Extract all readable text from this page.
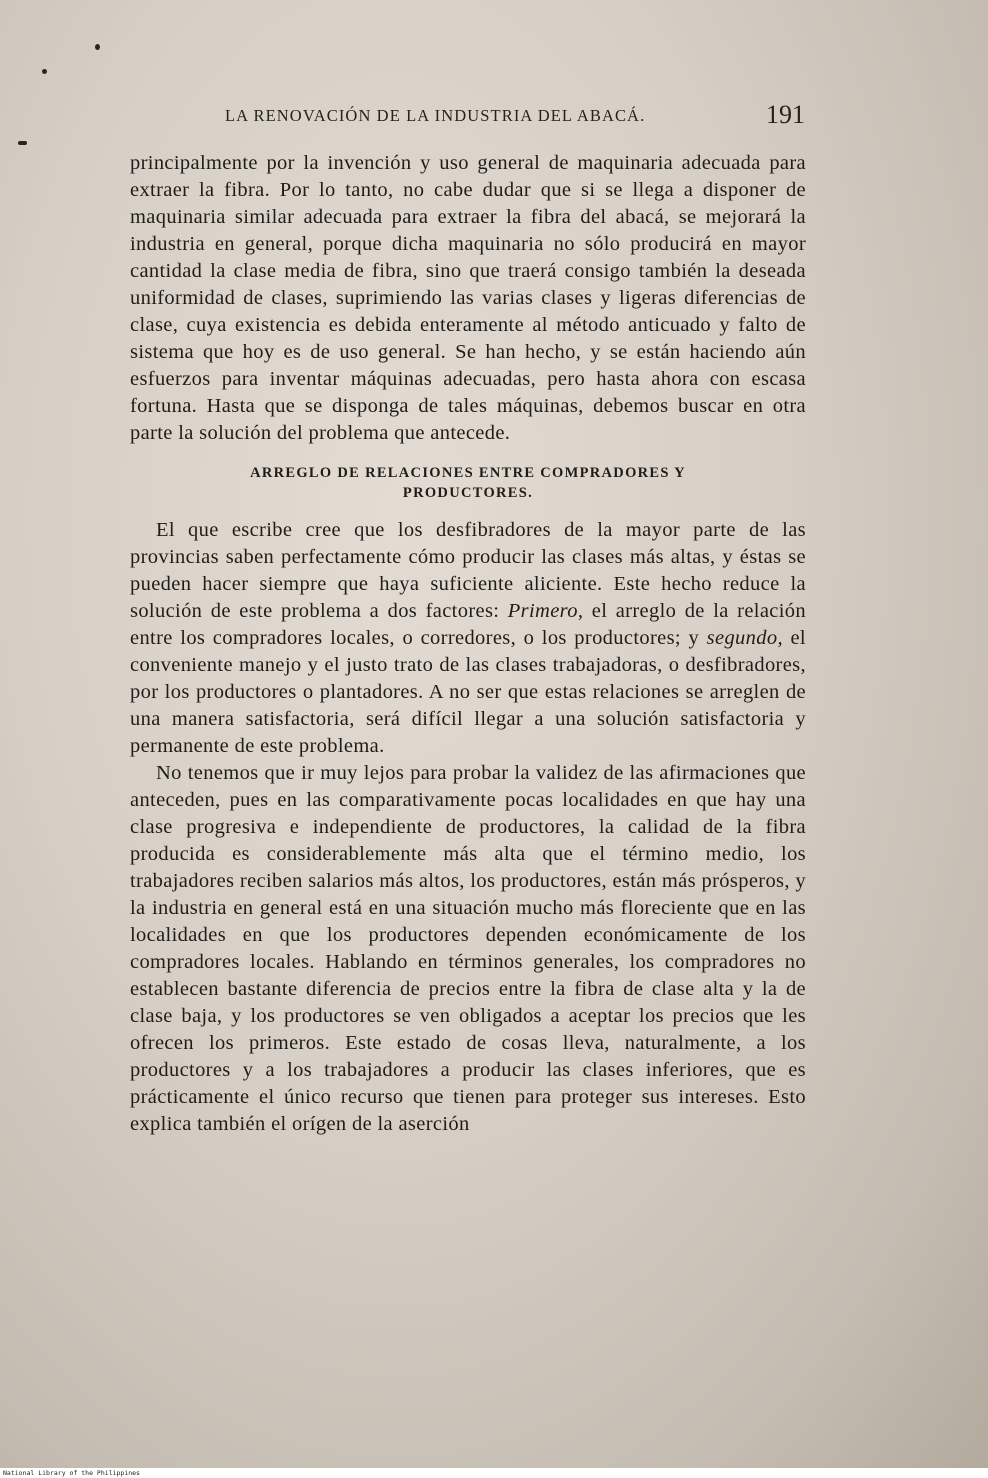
LA RENOVACIÓN DE LA INDUSTRIA DEL ABACÁ.	191

principalmente por la invención y uso general de maquinaria adecuada para extraer la fibra. Por lo tanto, no cabe dudar que si se llega a disponer de maquinaria similar adecuada para extraer la fibra del abacá, se mejorará la industria en general, porque dicha maquinaria no sólo producirá en mayor cantidad la clase media de fibra, sino que traerá consigo también la deseada uniformidad de clases, suprimiendo las varias clases y ligeras diferencias de clase, cuya existencia es debida enteramente al método anticuado y falto de sistema que hoy es de uso general. Se han hecho, y se están haciendo aún esfuerzos para inventar máquinas adecuadas, pero hasta ahora con escasa fortuna. Hasta que se disponga de tales máquinas, debemos buscar en otra parte la solución del problema que antecede.

ARREGLO DE RELACIONES ENTRE COMPRADORES Y
PRODUCTORES.

El que escribe cree que los desfibradores de la mayor parte de las provincias saben perfectamente cómo producir las clases más altas, y éstas se pueden hacer siempre que haya suficiente aliciente. Este hecho reduce la solución de este problema a dos factores: Primero, el arreglo de la relación entre los compradores locales, o corredores, o los productores; y segundo, el conveniente manejo y el justo trato de las clases trabajadoras, o desfibradores, por los productores o plantadores. A no ser que estas relaciones se arreglen de una manera satisfactoria, será difícil llegar a una solución satisfactoria y permanente de este problema.

No tenemos que ir muy lejos para probar la validez de las afirmaciones que anteceden, pues en las comparativamente pocas localidades en que hay una clase progresiva e independiente de productores, la calidad de la fibra producida es considerablemente más alta que el término medio, los trabajadores reciben salarios más altos, los productores, están más prósperos, y la industria en general está en una situación mucho más floreciente que en las localidades en que los productores dependen económicamente de los compradores locales. Hablando en términos generales, los compradores no establecen bastante diferencia de precios entre la fibra de clase alta y la de clase baja, y los productores se ven obligados a aceptar los precios que les ofrecen los primeros. Este estado de cosas lleva, naturalmente, a los productores y a los trabajadores a producir las clases inferiores, que es prácticamente el único recurso que tienen para proteger sus intereses. Esto explica también el orígen de la aserción

National Library of the Philippines
